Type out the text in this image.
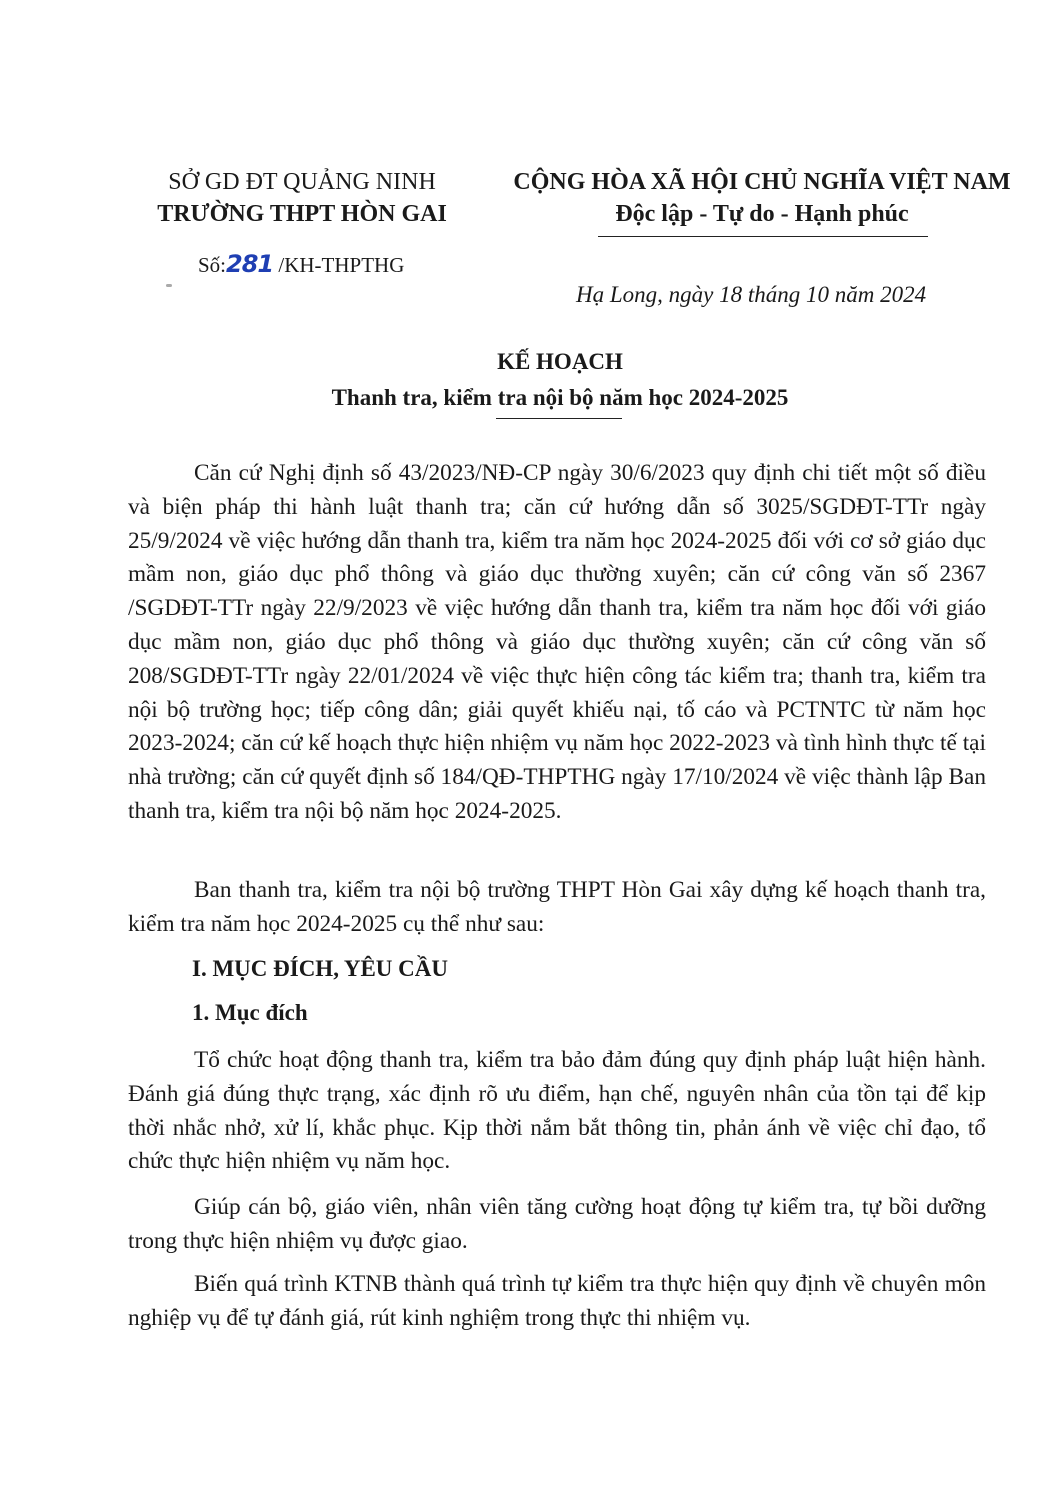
SỞ GD ĐT QUẢNG NINH
TRƯỜNG THPT HÒN GAI
CỘNG HÒA XÃ HỘI CHỦ NGHĨA VIỆT NAM
Độc lập - Tự do - Hạnh phúc
Số:281 /KH-THPTHG
Hạ Long, ngày 18 tháng 10 năm 2024
KẾ HOẠCH
Thanh tra, kiểm tra nội bộ năm học 2024-2025

Căn cứ Nghị định số 43/2023/NĐ-CP ngày 30/6/2023 quy định chi tiết một số điều và biện pháp thi hành luật thanh tra; căn cứ hướng dẫn số 3025/SGDĐT-TTr ngày 25/9/2024 về việc hướng dẫn thanh tra, kiểm tra năm học 2024-2025 đối với cơ sở giáo dục mầm non, giáo dục phổ thông và giáo dục thường xuyên; căn cứ công văn số 2367 /SGDĐT-TTr ngày 22/9/2023 về việc hướng dẫn thanh tra, kiểm tra năm học đối với giáo dục mầm non, giáo dục phổ thông và giáo dục thường xuyên; căn cứ công văn số 208/SGDĐT-TTr ngày 22/01/2024 về việc thực hiện công tác kiểm tra; thanh tra, kiểm tra nội bộ trường học; tiếp công dân; giải quyết khiếu nại, tố cáo và PCTNTC từ năm học 2023-2024; căn cứ kế hoạch thực hiện nhiệm vụ năm học 2022-2023 và tình hình thực tế tại nhà trường; căn cứ quyết định số 184/QĐ-THPTHG ngày 17/10/2024 về việc thành lập Ban thanh tra, kiểm tra nội bộ năm học 2024-2025.

Ban thanh tra, kiểm tra nội bộ trường THPT Hòn Gai xây dựng kế hoạch thanh tra, kiểm tra năm học 2024-2025 cụ thể như sau:

I. MỤC ĐÍCH, YÊU CẦU
1. Mục đích

Tổ chức hoạt động thanh tra, kiểm tra bảo đảm đúng quy định pháp luật hiện hành. Đánh giá đúng thực trạng, xác định rõ ưu điểm, hạn chế, nguyên nhân của tồn tại để kịp thời nhắc nhở, xử lí, khắc phục. Kịp thời nắm bắt thông tin, phản ánh về việc chỉ đạo, tổ chức thực hiện nhiệm vụ năm học.

Giúp cán bộ, giáo viên, nhân viên tăng cường hoạt động tự kiểm tra, tự bồi dưỡng trong thực hiện nhiệm vụ được giao.

Biến quá trình KTNB thành quá trình tự kiểm tra thực hiện quy định về chuyên môn nghiệp vụ để tự đánh giá, rút kinh nghiệm trong thực thi nhiệm vụ.
